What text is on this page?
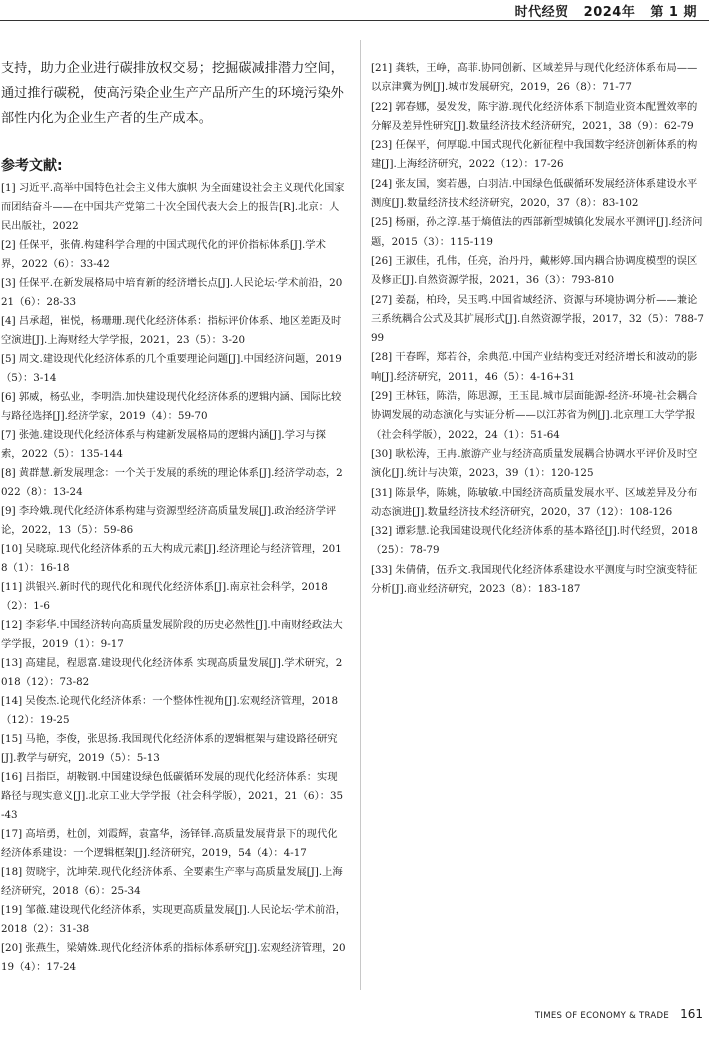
时代经贸 2024年 第 1 期

支持，助力企业进行碳排放权交易；挖掘碳减排潜力空间，通过推行碳税，使高污染企业生产产品所产生的环境污染外部性内化为企业生产者的生产成本。

参考文献:

[1] 习近平.高举中国特色社会主义伟大旗帜 为全面建设社会主义现代化国家而团结奋斗——在中国共产党第二十次全国代表大会上的报告[R].北京：人民出版社，2022

[2] 任保平，张倩.构建科学合理的中国式现代化的评价指标体系[J].学术界，2022（6）：33-42

[3] 任保平.在新发展格局中培育新的经济增长点[J].人民论坛·学术前沿，2021（6）：28-33

[4] 吕承超，崔悦，杨珊珊.现代化经济体系：指标评价体系、地区差距及时空演进[J].上海财经大学学报，2021，23（5）：3-20

[5] 周文.建设现代化经济体系的几个重要理论问题[J].中国经济问题，2019（5）：3-14

[6] 郭威，杨弘业，李明浩.加快建设现代化经济体系的逻辑内涵、国际比较与路径选择[J].经济学家，2019（4）：59-70

[7] 张弛.建设现代化经济体系与构建新发展格局的逻辑内涵[J].学习与探索，2022（5）：135-144

[8] 黄群慧.新发展理念：一个关于发展的系统的理论体系[J].经济学动态，2022（8）：13-24

[9] 李玲娥.现代化经济体系构建与资源型经济高质量发展[J].政治经济学评论，2022，13（5）：59-86

[10] 吴晓琼.现代化经济体系的五大构成元素[J].经济理论与经济管理，2018（1）：16-18

[11] 洪银兴.新时代的现代化和现代化经济体系[J].南京社会科学，2018（2）：1-6

[12] 李彩华.中国经济转向高质量发展阶段的历史必然性[J].中南财经政法大学学报，2019（1）：9-17

[13] 高建昆，程恩富.建设现代化经济体系 实现高质量发展[J].学术研究，2018（12）：73-82

[14] 吴俊杰.论现代化经济体系：一个整体性视角[J].宏观经济管理，2018（12）：19-25

[15] 马艳，李俊，张思扬.我国现代化经济体系的逻辑框架与建设路径研究[J].教学与研究，2019（5）：5-13

[16] 吕指臣，胡鞍钢.中国建设绿色低碳循环发展的现代化经济体系：实现路径与现实意义[J].北京工业大学学报（社会科学版），2021，21（6）：35-43

[17] 高培勇，杜创，刘霞辉，袁富华，汤铎铎.高质量发展背景下的现代化经济体系建设：一个逻辑框架[J].经济研究，2019，54（4）：4-17

[18] 贺晓宇，沈坤荣.现代化经济体系、全要素生产率与高质量发展[J].上海经济研究，2018（6）：25-34

[19] 邹薇.建设现代化经济体系，实现更高质量发展[J].人民论坛·学术前沿，2018（2）：31-38

[20] 张燕生，梁婧姝.现代化经济体系的指标体系研究[J].宏观经济管理，2019（4）：17-24

[21] 龚轶，王峥，高菲.协同创新、区域差异与现代化经济体系布局——以京津冀为例[J].城市发展研究，2019，26（8）：71-77

[22] 郭春娜，晏发发，陈宇游.现代化经济体系下制造业资本配置效率的分解及差异性研究[J].数量经济技术经济研究，2021，38（9）：62-79

[23] 任保平，何厚聪.中国式现代化新征程中我国数字经济创新体系的构建[J].上海经济研究，2022（12）：17-26

[24] 张友国，窦若愚，白羽洁.中国绿色低碳循环发展经济体系建设水平测度[J].数量经济技术经济研究，2020，37（8）：83-102

[25] 杨丽，孙之淳.基于熵值法的西部新型城镇化发展水平测评[J].经济问题，2015（3）：115-119

[26] 王淑佳，孔伟，任亮，治丹丹，戴彬婷.国内耦合协调度模型的误区及修正[J].自然资源学报，2021，36（3）：793-810

[27] 姜磊，柏玲，吴玉鸣.中国省域经济、资源与环境协调分析——兼论三系统耦合公式及其扩展形式[J].自然资源学报，2017，32（5）：788-799

[28] 干春晖，郑若谷，余典范.中国产业结构变迁对经济增长和波动的影响[J].经济研究，2011，46（5）：4-16+31

[29] 王林钰，陈浩，陈思源，王玉昆.城市层面能源-经济-环境-社会耦合协调发展的动态演化与实证分析——以江苏省为例[J].北京理工大学学报（社会科学版），2022，24（1）：51-64

[30] 耿松涛，王冉.旅游产业与经济高质量发展耦合协调水平评价及时空演化[J].统计与决策，2023，39（1）：120-125

[31] 陈景华，陈姚，陈敏敏.中国经济高质量发展水平、区域差异及分布动态演进[J].数量经济技术经济研究，2020，37（12）：108-126

[32] 谭彩慧.论我国建设现代化经济体系的基本路径[J].时代经贸，2018（25）：78-79

[33] 朱倩倩，伍乔文.我国现代化经济体系建设水平测度与时空演变特征分析[J].商业经济研究，2023（8）：183-187

TIMES OF ECONOMY & TRADE 161
